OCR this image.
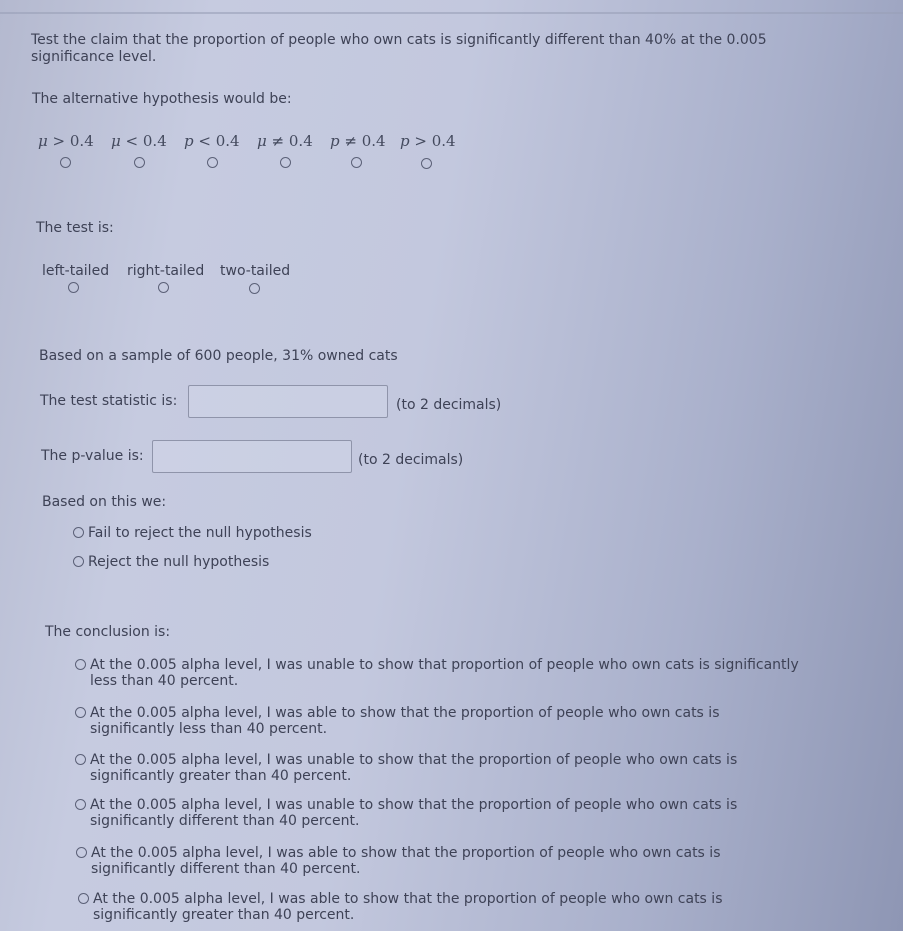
Test the claim that the proportion of people who own cats is significantly different than 40% at the 0.005
significance level.
The alternative hypothesis would be:
μ > 0.4 μ < 0.4 p < 0.4 μ ≠ 0.4 p ≠ 0.4 p > 0.4
The test is:
left-tailed right-tailed two-tailed
Based on a sample of 600 people, 31% owned cats
The test statistic is:	(to 2 decimals)
The p-value is:	(to 2 decimals)
Based on this we:
Fail to reject the null hypothesis
Reject the null hypothesis
The conclusion is:
At the 0.005 alpha level, I was unable to show that proportion of people who own cats is significantly
less than 40 percent.
At the 0.005 alpha level, I was able to show that the proportion of people who own cats is
significantly less than 40 percent.
At the 0.005 alpha level, I was unable to show that the proportion of people who own cats is
significantly greater than 40 percent.
At the 0.005 alpha level, I was unable to show that the proportion of people who own cats is
significantly different than 40 percent.
At the 0.005 alpha level, I was able to show that the proportion of people who own cats is
significantly different than 40 percent.
At the 0.005 alpha level, I was able to show that the proportion of people who own cats is
significantly greater than 40 percent.
